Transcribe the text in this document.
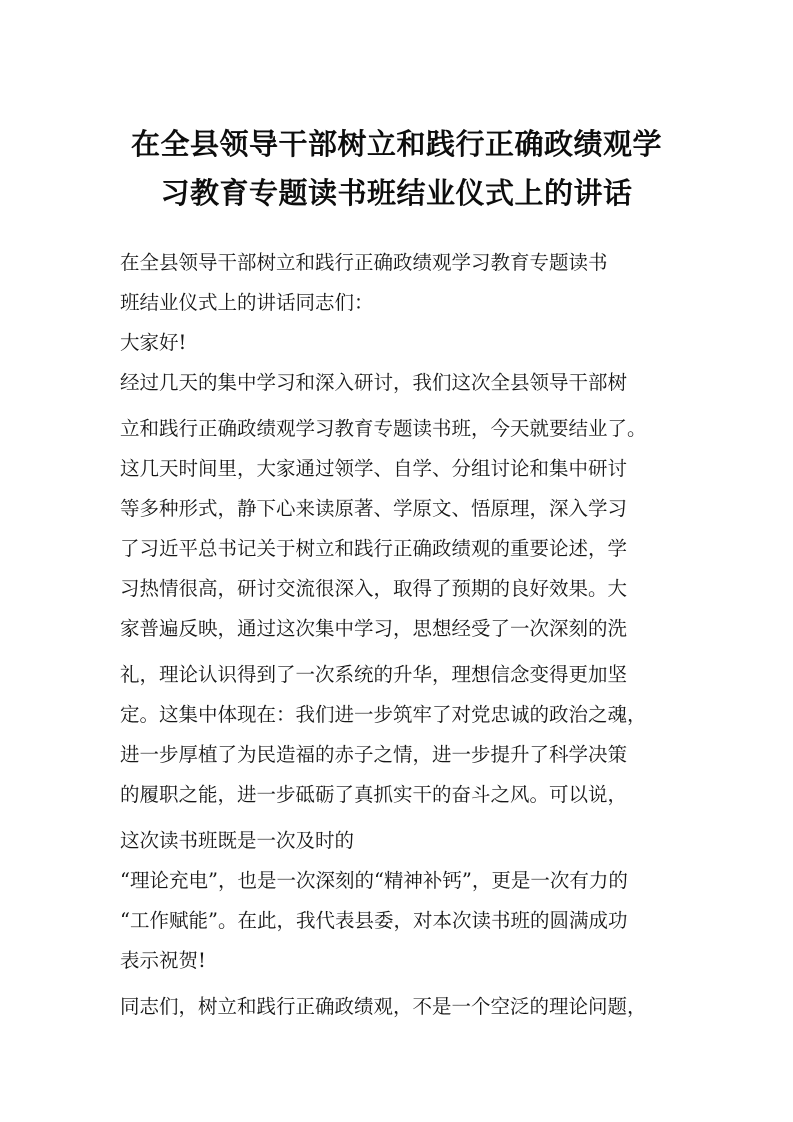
在全县领导干部树立和践行正确政绩观学
习教育专题读书班结业仪式上的讲话
在全县领导干部树立和践行正确政绩观学习教育专题读书
班结业仪式上的讲话同志们：
大家好!
经过几天的集中学习和深入研讨，我们这次全县领导干部树
立和践行正确政绩观学习教育专题读书班，今天就要结业了。
这几天时间里，大家通过领学、自学、分组讨论和集中研讨
等多种形式，静下心来读原著、学原文、悟原理，深入学习
了习近平总书记关于树立和践行正确政绩观的重要论述，学
习热情很高，研讨交流很深入，取得了预期的良好效果。大
家普遍反映，通过这次集中学习，思想经受了一次深刻的洗
礼，理论认识得到了一次系统的升华，理想信念变得更加坚
定。这集中体现在：我们进一步筑牢了对党忠诚的政治之魂，
进一步厚植了为民造福的赤子之情，进一步提升了科学决策
的履职之能，进一步砥砺了真抓实干的奋斗之风。可以说，
这次读书班既是一次及时的
“理论充电”，也是一次深刻的“精神补钙”，更是一次有力的
“工作赋能”。在此，我代表县委，对本次读书班的圆满成功
表示祝贺!
同志们，树立和践行正确政绩观，不是一个空泛的理论问题，
